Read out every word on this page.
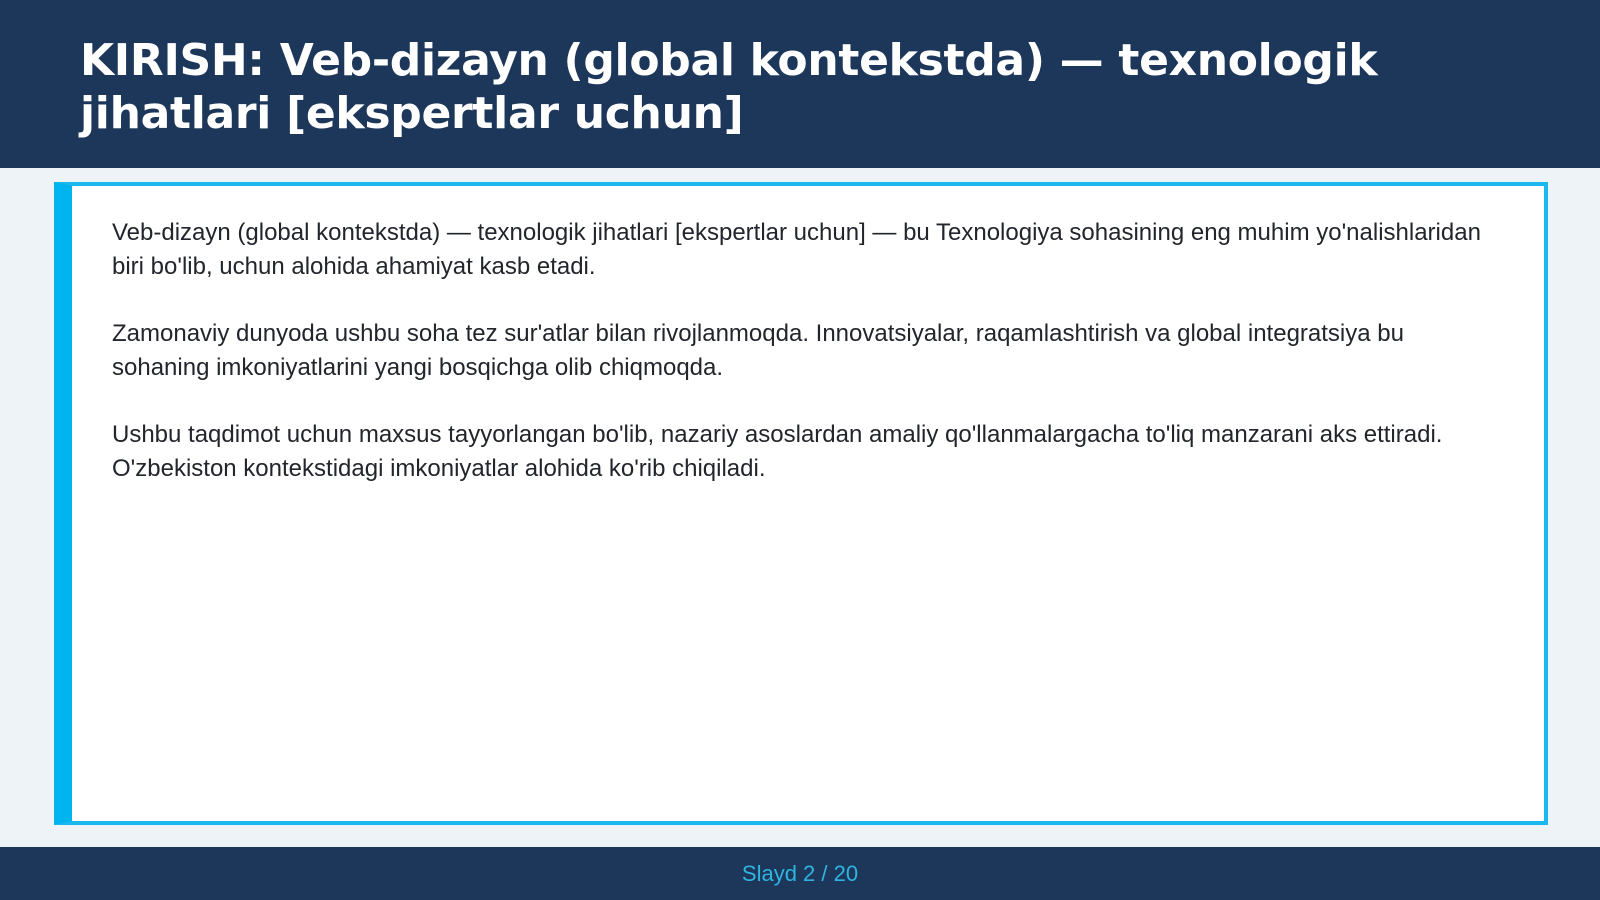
KIRISH: Veb-dizayn (global kontekstda) — texnologik jihatlari [ekspertlar uchun]

Veb-dizayn (global kontekstda) — texnologik jihatlari [ekspertlar uchun] — bu Texnologiya sohasining eng muhim yo'nalishlaridan biri bo'lib, uchun alohida ahamiyat kasb etadi.

Zamonaviy dunyoda ushbu soha tez sur'atlar bilan rivojlanmoqda. Innovatsiyalar, raqamlashtirish va global integratsiya bu sohaning imkoniyatlarini yangi bosqichga olib chiqmoqda.

Ushbu taqdimot uchun maxsus tayyorlangan bo'lib, nazariy asoslardan amaliy qo'llanmalargacha to'liq manzarani aks ettiradi. O'zbekiston kontekstidagi imkoniyatlar alohida ko'rib chiqiladi.

Slayd 2 / 20
